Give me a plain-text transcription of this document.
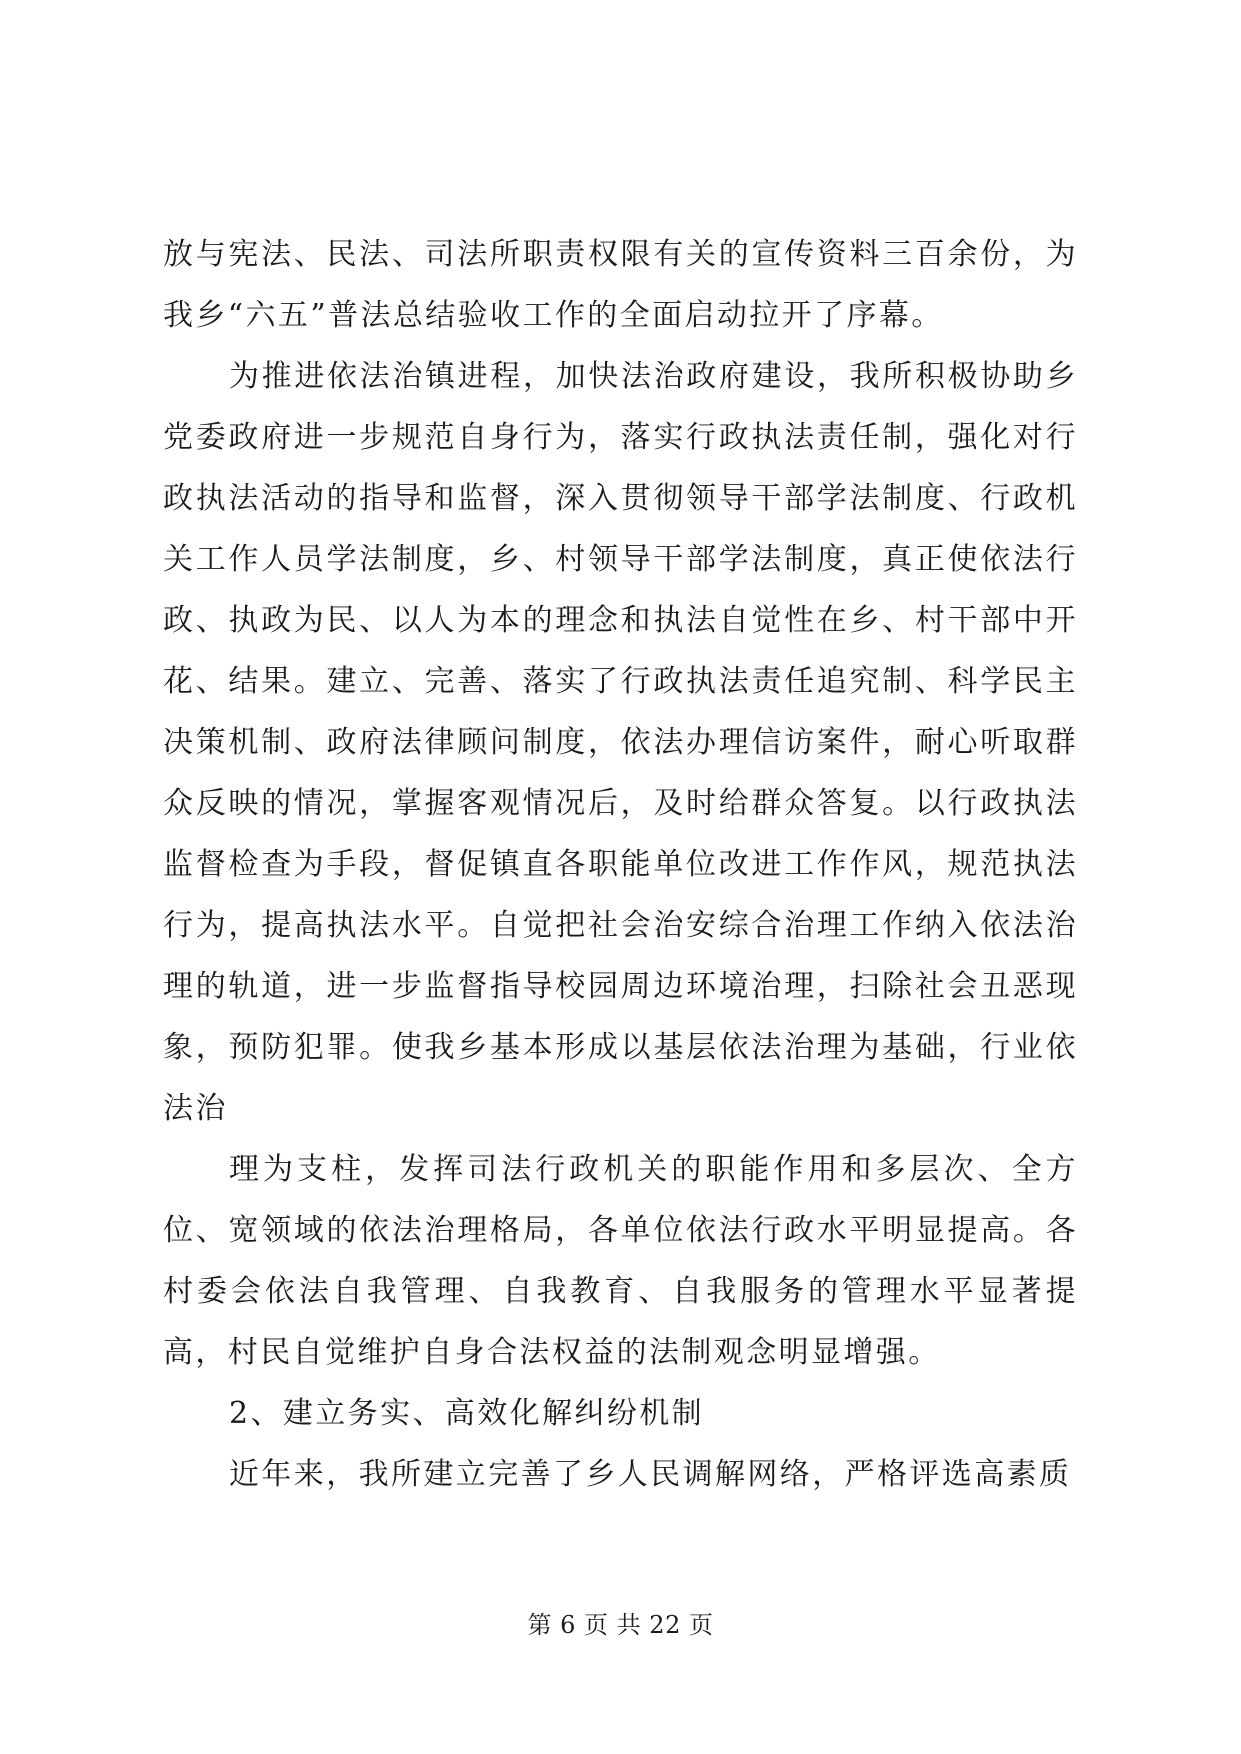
放与宪法、民法、司法所职责权限有关的宣传资料三百余份，为我乡“六五”普法总结验收工作的全面启动拉开了序幕。

为推进依法治镇进程，加快法治政府建设，我所积极协助乡党委政府进一步规范自身行为，落实行政执法责任制，强化对行政执法活动的指导和监督，深入贯彻领导干部学法制度、行政机关工作人员学法制度，乡、村领导干部学法制度，真正使依法行政、执政为民、以人为本的理念和执法自觉性在乡、村干部中开花、结果。建立、完善、落实了行政执法责任追究制、科学民主决策机制、政府法律顾问制度，依法办理信访案件，耐心听取群众反映的情况，掌握客观情况后，及时给群众答复。以行政执法监督检查为手段，督促镇直各职能单位改进工作作风，规范执法行为，提高执法水平。自觉把社会治安综合治理工作纳入依法治理的轨道，进一步监督指导校园周边环境治理，扫除社会丑恶现象，预防犯罪。使我乡基本形成以基层依法治理为基础，行业依法治

理为支柱，发挥司法行政机关的职能作用和多层次、全方位、宽领域的依法治理格局，各单位依法行政水平明显提高。各村委会依法自我管理、自我教育、自我服务的管理水平显著提高，村民自觉维护自身合法权益的法制观念明显增强。

2、建立务实、高效化解纠纷机制

近年来，我所建立完善了乡人民调解网络，严格评选高素质

第 6 页 共 22 页
